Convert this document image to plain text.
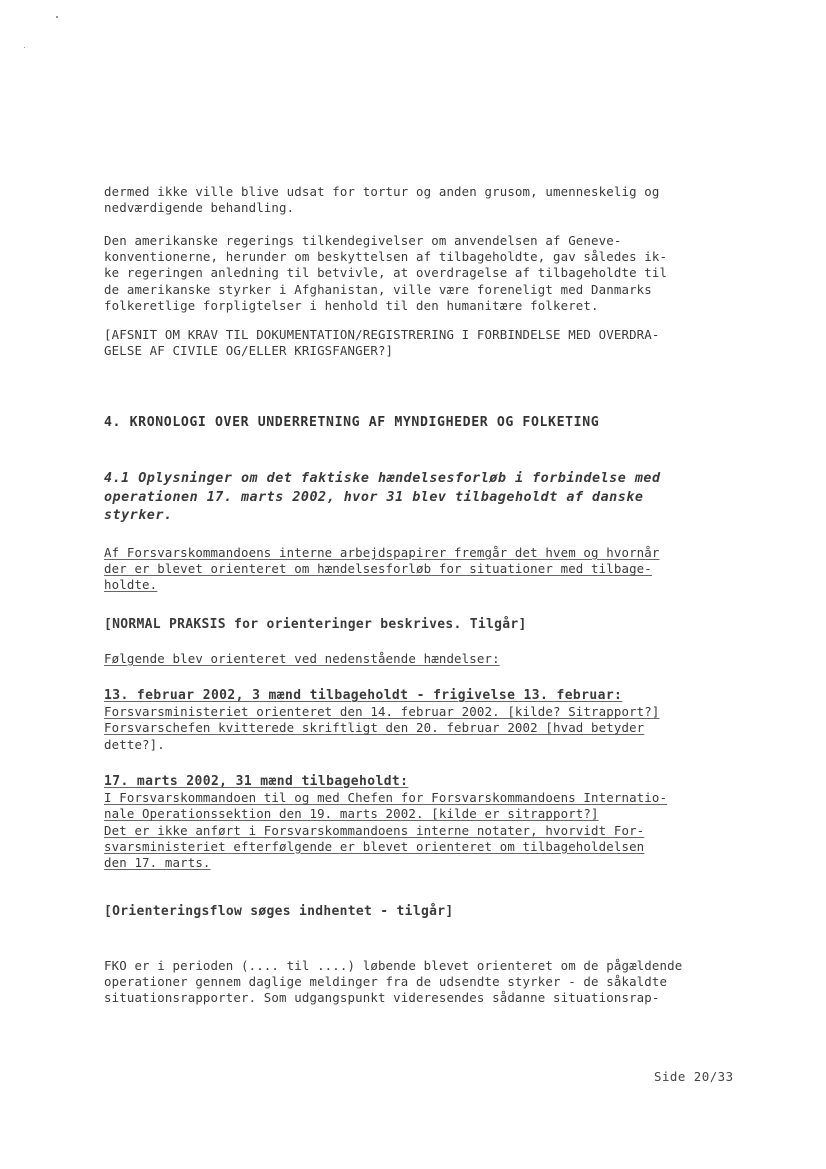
dermed ikke ville blive udsat for tortur og anden grusom, umenneskelig og
nedværdigende behandling.
Den amerikanske regerings tilkendegivelser om anvendelsen af Geneve-
konventionerne, herunder om beskyttelsen af tilbageholdte, gav således ik-
ke regeringen anledning til betvivle, at overdragelse af tilbageholdte til
de amerikanske styrker i Afghanistan, ville være foreneligt med Danmarks
folkeretlige forpligtelser i henhold til den humanitære folkeret.
[AFSNIT OM KRAV TIL DOKUMENTATION/REGISTRERING I FORBINDELSE MED OVERDRA-
GELSE AF CIVILE OG/ELLER KRIGSFANGER?]
4. KRONOLOGI OVER UNDERRETNING AF MYNDIGHEDER OG FOLKETING
4.1 Oplysninger om det faktiske hændelsesforløb i forbindelse med
operationen 17. marts 2002, hvor 31 blev tilbageholdt af danske
styrker.
Af Forsvarskommandoens interne arbejdspapirer fremgår det hvem og hvornår
der er blevet orienteret om hændelsesforløb for situationer med tilbage-
holdte.
[NORMAL PRAKSIS for orienteringer beskrives. Tilgår]
Følgende blev orienteret ved nedenstående hændelser:
13. februar 2002, 3 mænd tilbageholdt - frigivelse 13. februar:
Forsvarsministeriet orienteret den 14. februar 2002. [kilde? Sitrapport?]
Forsvarschefen kvitterede skriftligt den 20. februar 2002 [hvad betyder
dette?].
17. marts 2002, 31 mænd tilbageholdt:
I Forsvarskommandoen til og med Chefen for Forsvarskommandoens Internatio-
nale Operationssektion den 19. marts 2002. [kilde er sitrapport?]
Det er ikke anført i Forsvarskommandoens interne notater, hvorvidt For-
svarsministeriet efterfølgende er blevet orienteret om tilbageholdelsen
den 17. marts.
[Orienteringsflow søges indhentet - tilgår]
FKO er i perioden (.... til ....) løbende blevet orienteret om de pågældende
operationer gennem daglige meldinger fra de udsendte styrker - de såkaldte
situationsrapporter. Som udgangspunkt videresendes sådanne situationsrap-
Side 20/33
